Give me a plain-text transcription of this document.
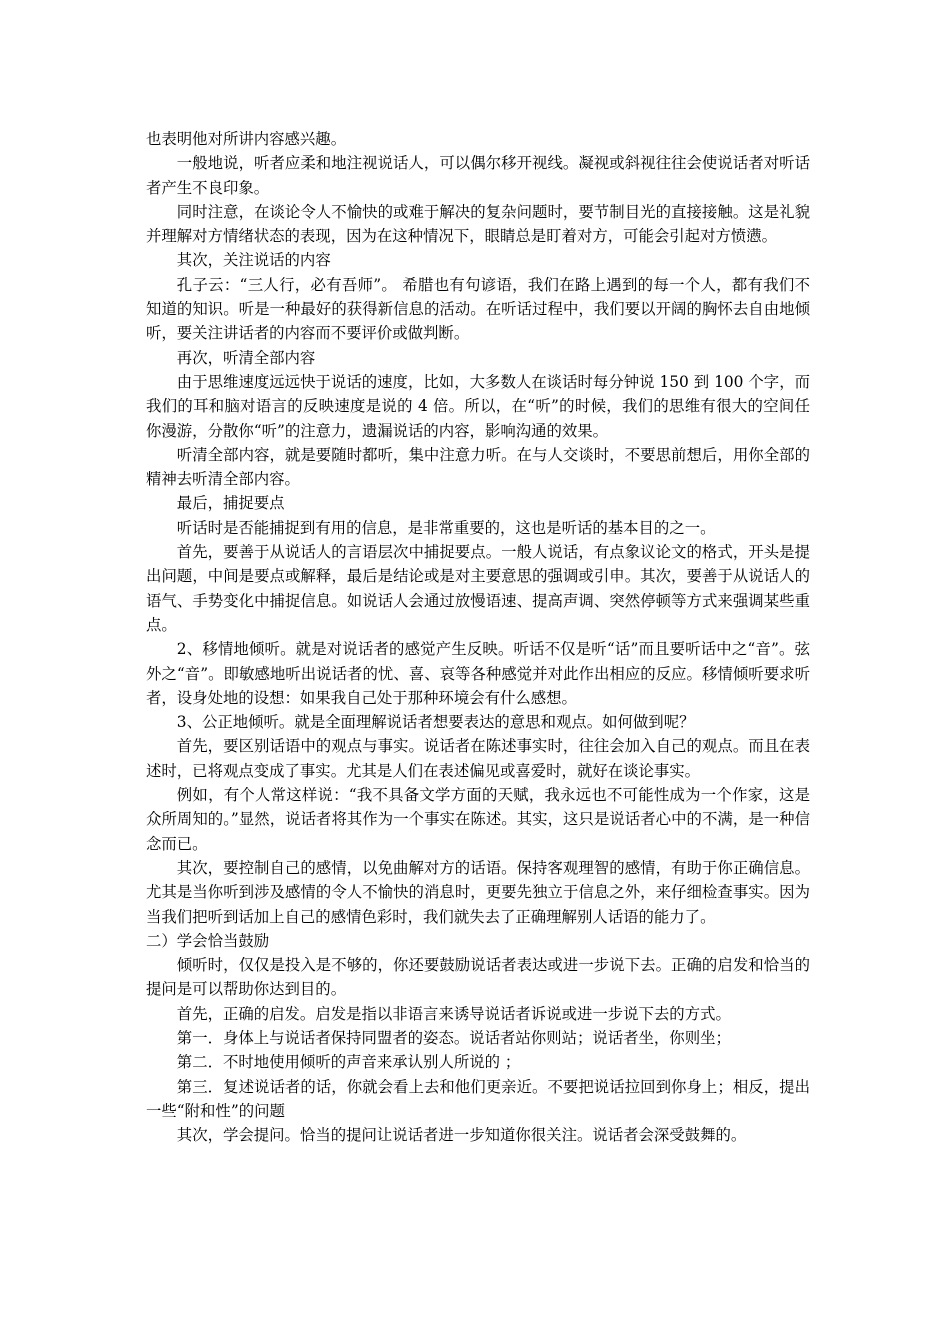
也表明他对所讲内容感兴趣。

一般地说，听者应柔和地注视说话人，可以偶尔移开视线。凝视或斜视往往会使说话者对听话者产生不良印象。

同时注意，在谈论令人不愉快的或难于解决的复杂问题时，要节制目光的直接接触。这是礼貌并理解对方情绪状态的表现，因为在这种情况下，眼睛总是盯着对方，可能会引起对方愤懑。

其次，关注说话的内容

孔子云：“三人行，必有吾师”。 希腊也有句谚语，我们在路上遇到的每一个人，都有我们不知道的知识。听是一种最好的获得新信息的活动。在听话过程中，我们要以开阔的胸怀去自由地倾听，要关注讲话者的内容而不要评价或做判断。

再次，听清全部内容

由于思维速度远远快于说话的速度，比如，大多数人在谈话时每分钟说 150 到 100 个字，而我们的耳和脑对语言的反映速度是说的 4 倍。所以，在“听”的时候，我们的思维有很大的空间任你漫游，分散你“听”的注意力，遗漏说话的内容，影响沟通的效果。

听清全部内容，就是要随时都听，集中注意力听。在与人交谈时，不要思前想后，用你全部的精神去听清全部内容。

最后，捕捉要点

听话时是否能捕捉到有用的信息，是非常重要的，这也是听话的基本目的之一。

首先，要善于从说话人的言语层次中捕捉要点。一般人说话，有点象议论文的格式，开头是提出问题，中间是要点或解释，最后是结论或是对主要意思的强调或引申。其次，要善于从说话人的语气、手势变化中捕捉信息。如说话人会通过放慢语速、提高声调、突然停顿等方式来强调某些重点。

2、移情地倾听。就是对说话者的感觉产生反映。听话不仅是听“话”而且要听话中之“音”。弦外之“音”。即敏感地听出说话者的忧、喜、哀等各种感觉并对此作出相应的反应。移情倾听要求听者，设身处地的设想：如果我自己处于那种环境会有什么感想。

3、公正地倾听。就是全面理解说话者想要表达的意思和观点。如何做到呢？

首先，要区别话语中的观点与事实。说话者在陈述事实时，往往会加入自己的观点。而且在表述时，已将观点变成了事实。尤其是人们在表述偏见或喜爱时，就好在谈论事实。

例如，有个人常这样说：“我不具备文学方面的天赋，我永远也不可能性成为一个作家，这是众所周知的。”显然，说话者将其作为一个事实在陈述。其实，这只是说话者心中的不满，是一种信念而已。

其次，要控制自己的感情，以免曲解对方的话语。保持客观理智的感情，有助于你正确信息。尤其是当你听到涉及感情的令人不愉快的消息时，更要先独立于信息之外，来仔细检查事实。因为当我们把听到话加上自己的感情色彩时，我们就失去了正确理解别人话语的能力了。

二）学会恰当鼓励

倾听时，仅仅是投入是不够的，你还要鼓励说话者表达或进一步说下去。正确的启发和恰当的提问是可以帮助你达到目的。

首先，正确的启发。启发是指以非语言来诱导说话者诉说或进一步说下去的方式。

第一．身体上与说话者保持同盟者的姿态。说话者站你则站；说话者坐，你则坐；

第二．不时地使用倾听的声音来承认别人所说的 ；

第三．复述说话者的话，你就会看上去和他们更亲近。不要把说话拉回到你身上；相反，提出一些“附和性”的问题

其次，学会提问。恰当的提问让说话者进一步知道你很关注。说话者会深受鼓舞的。
